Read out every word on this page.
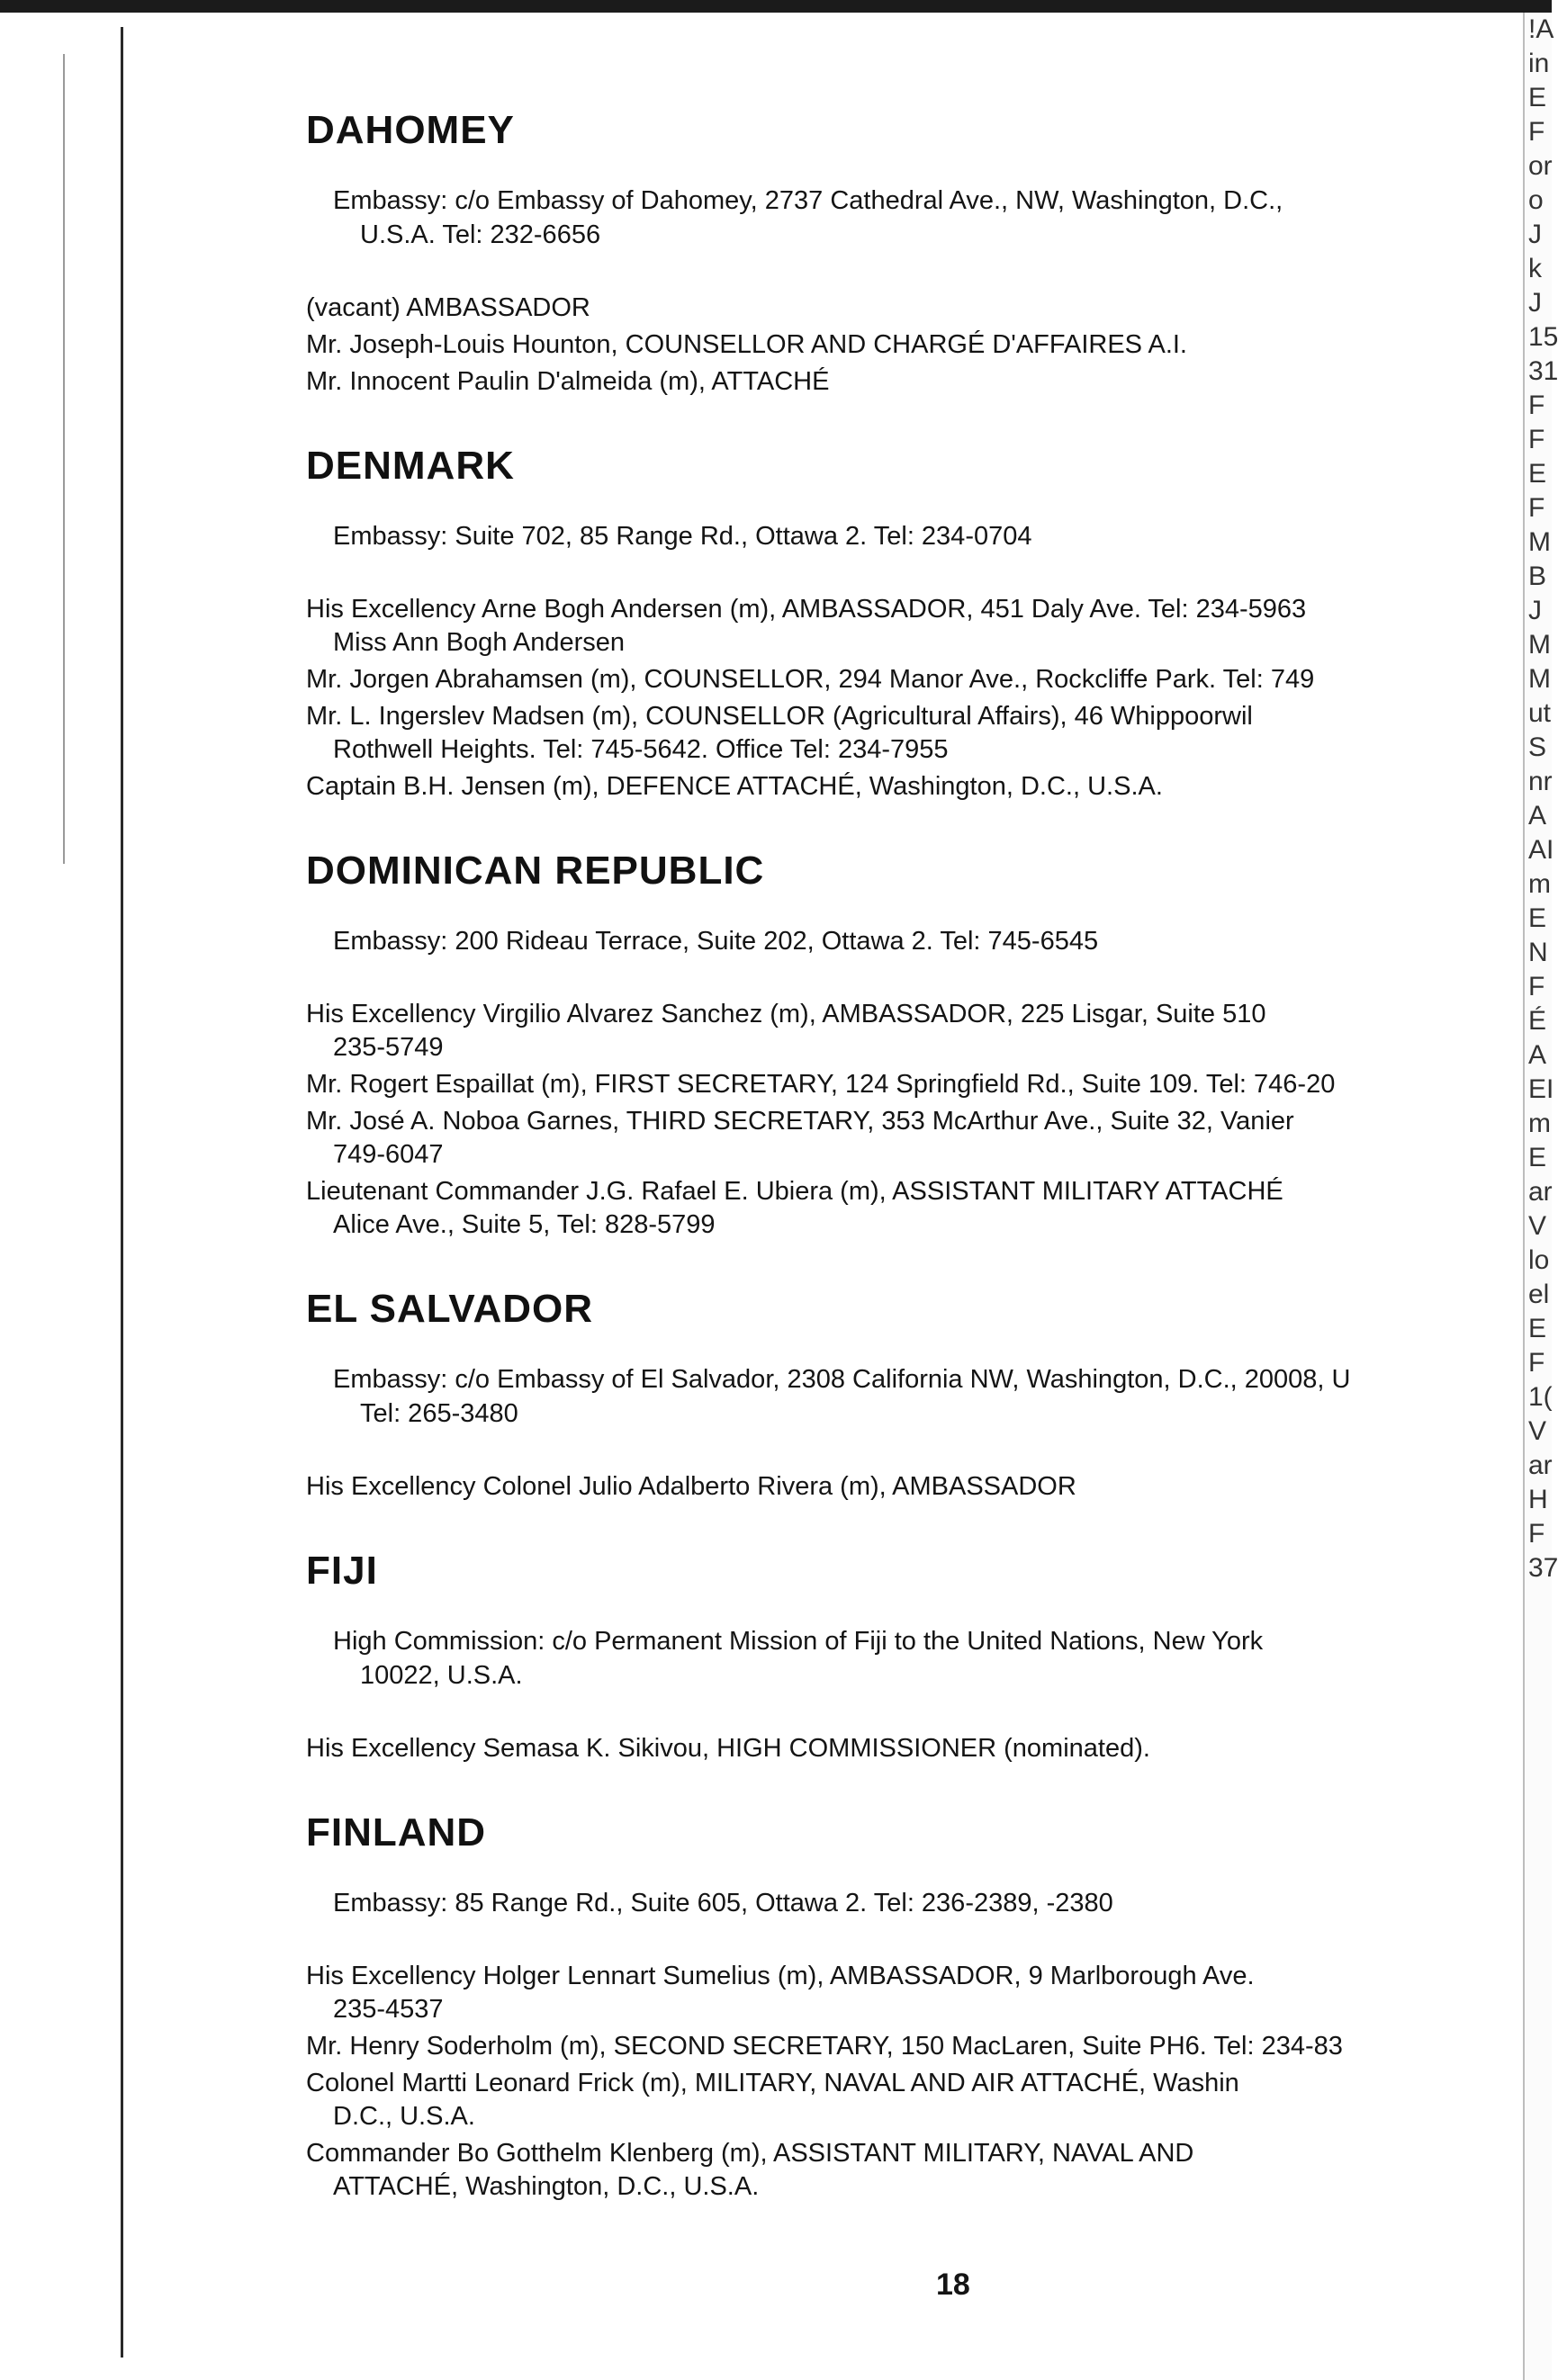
DAHOMEY
Embassy: c/o Embassy of Dahomey, 2737 Cathedral Ave., NW, Washington, D.C.,

U.S.A. Tel: 232-6656
(vacant) AMBASSADOR
Mr. Joseph-Louis Hounton, COUNSELLOR AND CHARGÉ D'AFFAIRES A.I.
Mr. Innocent Paulin D'almeida (m), ATTACHÉ
DENMARK
Embassy: Suite 702, 85 Range Rd., Ottawa 2. Tel: 234-0704
His Excellency Arne Bogh Andersen (m), AMBASSADOR, 451 Daly Ave. Tel: 234-5963
Miss Ann Bogh Andersen
Mr. Jorgen Abrahamsen (m), COUNSELLOR, 294 Manor Ave., Rockcliffe Park. Tel: 749
Mr. L. Ingerslev Madsen (m), COUNSELLOR (Agricultural Affairs), 46 Whippoorwil
Rothwell Heights. Tel: 745-5642. Office Tel: 234-7955
Captain B.H. Jensen (m), DEFENCE ATTACHÉ, Washington, D.C., U.S.A.
DOMINICAN REPUBLIC
Embassy: 200 Rideau Terrace, Suite 202, Ottawa 2. Tel: 745-6545
His Excellency Virgilio Alvarez Sanchez (m), AMBASSADOR, 225 Lisgar, Suite 510
235-5749
Mr. Rogert Espaillat (m), FIRST SECRETARY, 124 Springfield Rd., Suite 109. Tel: 746-20
Mr. José A. Noboa Garnes, THIRD SECRETARY, 353 McArthur Ave., Suite 32, Vanier
749-6047
Lieutenant Commander J.G. Rafael E. Ubiera (m), ASSISTANT MILITARY ATTACHÉ
Alice Ave., Suite 5, Tel: 828-5799
EL SALVADOR
Embassy: c/o Embassy of El Salvador, 2308 California NW, Washington, D.C., 20008, U

Tel: 265-3480
His Excellency Colonel Julio Adalberto Rivera (m), AMBASSADOR
FIJI
High Commission: c/o Permanent Mission of Fiji to the United Nations, New York

10022, U.S.A.
His Excellency Semasa K. Sikivou, HIGH COMMISSIONER (nominated).
FINLAND
Embassy: 85 Range Rd., Suite 605, Ottawa 2. Tel: 236-2389, -2380
His Excellency Holger Lennart Sumelius (m), AMBASSADOR, 9 Marlborough Ave.
235-4537
Mr. Henry Soderholm (m), SECOND SECRETARY, 150 MacLaren, Suite PH6. Tel: 234-83
Colonel Martti Leonard Frick (m), MILITARY, NAVAL AND AIR ATTACHÉ, Washin
D.C., U.S.A.
Commander Bo Gotthelm Klenberg (m), ASSISTANT MILITARY, NAVAL AND
ATTACHÉ, Washington, D.C., U.S.A.
!A
in
E
F
or
o
J
k
J
15
31
F
F
E
F
M
B
J
M
M
ut
S
nr
A
AI
m
E
N
F
É
A
EI
m
E
ar
V
lo
el
E
F
1(
V
ar
H
F
37
18
